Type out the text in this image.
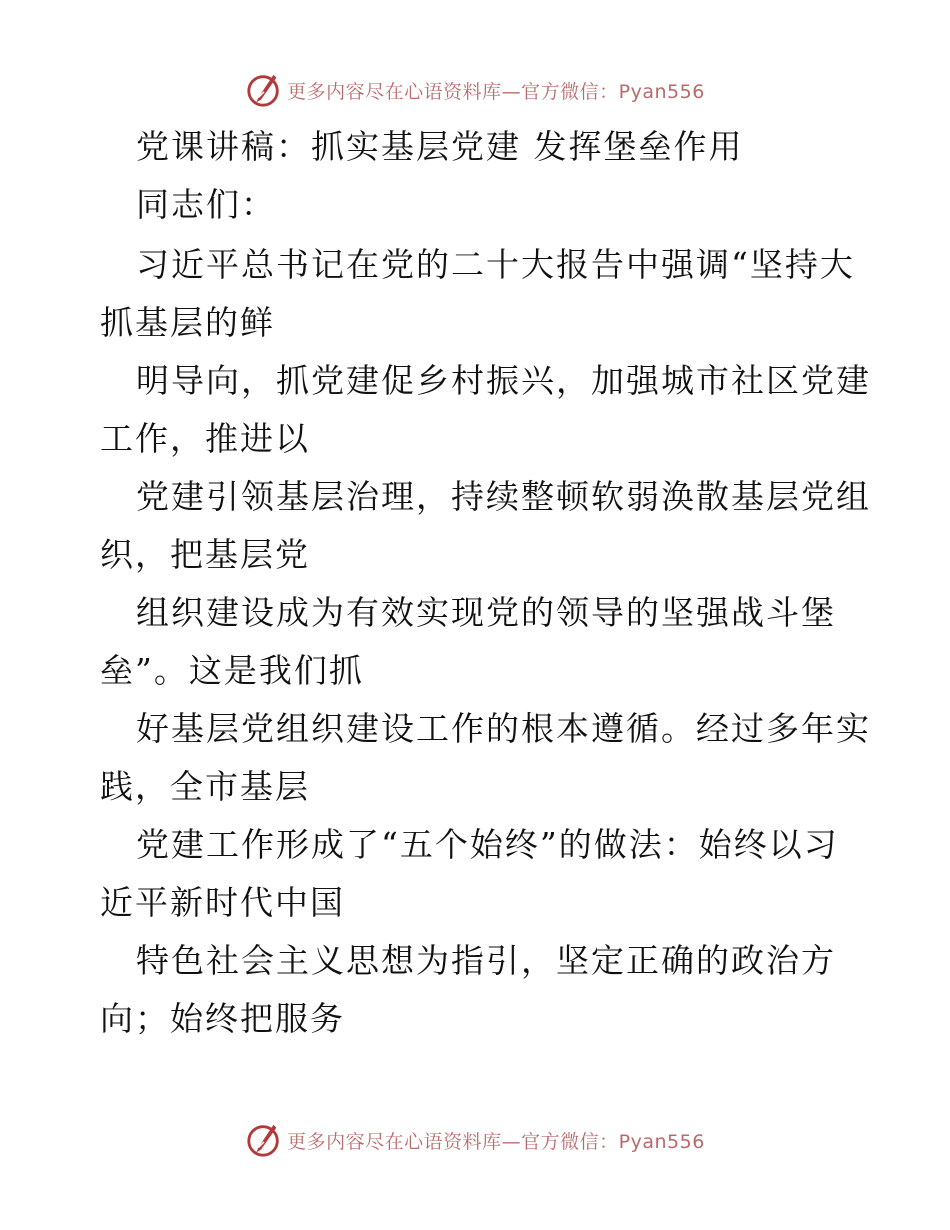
更多内容尽在心语资料库—官方微信：Pyan556
党课讲稿：抓实基层党建 发挥堡垒作用
同志们：
习近平总书记在党的二十大报告中强调“坚持大
抓基层的鲜
明导向，抓党建促乡村振兴，加强城市社区党建
工作，推进以
党建引领基层治理，持续整顿软弱涣散基层党组
织，把基层党
组织建设成为有效实现党的领导的坚强战斗堡
垒”。这是我们抓
好基层党组织建设工作的根本遵循。经过多年实
践，全市基层
党建工作形成了“五个始终”的做法：始终以习
近平新时代中国
特色社会主义思想为指引，坚定正确的政治方
向；始终把服务
更多内容尽在心语资料库—官方微信：Pyan556
